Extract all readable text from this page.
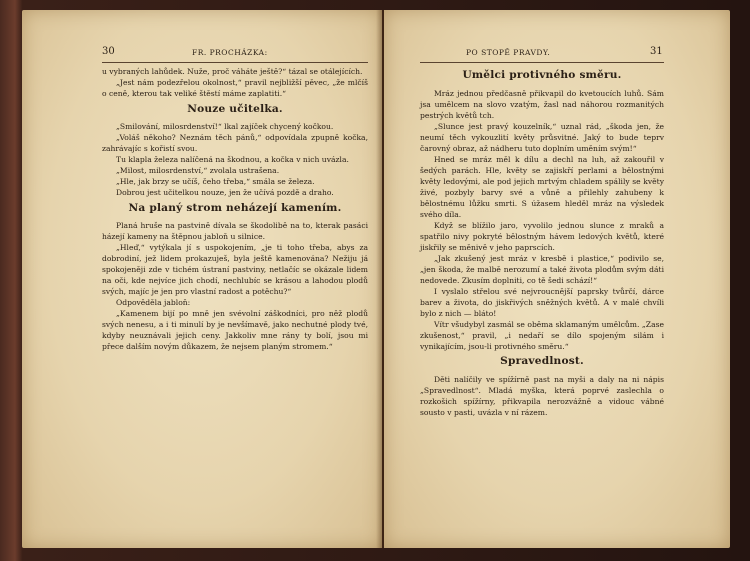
30	FR. PROCHÁZKA:

u vybraných lahůdek. Nuže, proč váháte ještě?“ tázal se otálejících.

„Jest nám podezřelou okolnost,“ pravil nejbližší pěvec, „že mlčíš o ceně, kterou tak veliké štěstí máme zaplatiti.“

Nouze učitelka.

„Smilování, milosrdenství!“ lkal zajíček chycený kočkou.

„Voláš někoho? Neznám těch pánů,“ odpovídala zpupně kočka, zahrávajíc s kořistí svou.

Tu klapla železa nalíčená na škodnou, a kočka v nich uvázla.

„Milost, milosrdenství,“ zvolala ustrašena.

„Hle, jak brzy se učíš, čeho třeba,“ smála se železa.

Dobrou jest učitelkou nouze, jen že učívá pozdě a draho.

Na planý strom neházejí kamením.

Planá hruše na pastvině dívala se škodolibě na to, kterak pasáci házejí kameny na štěpnou jabloň u silnice.

„Hleď,“ vytýkala jí s uspokojením, „je ti toho třeba, abys za dobrodiní, jež lidem prokazuješ, byla ještě kamenována? Nežiju já spokojeněji zde v tichém ústraní pastviny, netlačíc se okázale lidem na oči, kde nejvíce jich chodí, nechlubíc se krásou a lahodou plodů svých, majíc je jen pro vlastní radost a potěchu?“

Odpověděla jabloň:

„Kamenem bijí po mně jen svévolní záškodníci, pro něž plodů svých nenesu, a i ti minulí by je nevšímavě, jako nechutné plody tvé, kdyby neuznávali jejich ceny. Jakkoliv mne rány ty bolí, jsou mi přece dalším novým důkazem, že nejsem planým stromem.“

PO STOPĚ PRAVDY.	31
Umělci protivného směru.

Mráz jednou předčasně přikvapil do kvetoucích luhů. Sám jsa umělcem na slovo vzatým, žasl nad náhorou rozmanitých pestrých květů tch.

„Slunce jest pravý kouzelník,“ uznal rád, „škoda jen, že neumí těch vykouzlití květy průsvitné. Jaký to bude teprv čarovný obraz, až nádheru tuto doplním uměním svým!“

Hned se mráz měl k dílu a dechl na luh, až zakouřil v šedých parách. Hle, květy se zajiskří perlami a bělostnými květy ledovými, ale pod jejich mrtvým chladem spálily se květy živé, pozbyly barvy své a vůně a přilehly zahubeny k bělostnému lůžku smrti. S úžasem hleděl mráz na výsledek svého díla.

Když se blížilo jaro, vyvolilo jednou slunce z mraků a spatřilo nivy pokryté bělostným hávem ledových květů, které jiskřily se měnivě v jeho paprscích.

„Jak zkušený jest mráz v kresbě i plastice,“ podivilo se, „jen škoda, že malbě nerozumí a také života plodům svým dáti nedovede. Zkusím doplniti, co tě šedi schází!“

I vyslalo střelou své nejvroucnější paprsky tvůrčí, dárce barev a života, do jiskřivých sněžných květů. A v malé chvíli bylo z nich — bláto!

Vítr všudybyl zasmál se oběma sklamaným umělcům. „Zase zkušenost,“ pravil, „i nedaří se dílo spojeným silám i vynikajícím, jsou-li protivného směru.“

Spravedlnost.

Děti nalíčily ve spížírně past na myši a daly na ni nápis „Spravedlnost“. Mladá myška, která poprvé zaslechla o rozkošich spížírny, přikvapila nerozvážně a vidouc vábné sousto v pasti, uvázla v ní rázem.
